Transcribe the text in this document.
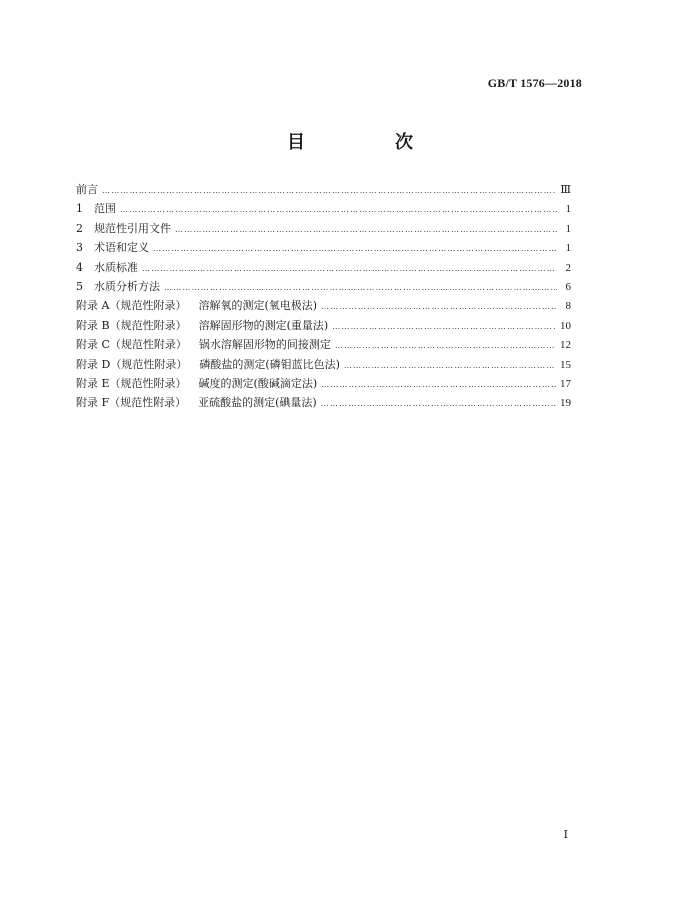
GB/T 1576—2018
目　次
前言 ……………………………………………………………………………………………………………………………………………………………………………………………………	Ⅲ
1	范围 ……………………………………………………………………………………………………………………………………………………………………………………………………	1
2	规范性引用文件 ……………………………………………………………………………………………………………………………………………………………………………………………………	1
3	术语和定义 ……………………………………………………………………………………………………………………………………………………………………………………………………	1
4	水质标准 ……………………………………………………………………………………………………………………………………………………………………………………………………	2
5	水质分析方法 ……………………………………………………………………………………………………………………………………………………………………………………………………	6
附录 A（规范性附录） 溶解氧的测定(氧电极法) ……………………………………………………………………………………………………………………………………………………………………………………………………	8
附录 B（规范性附录） 溶解固形物的测定(重量法) ……………………………………………………………………………………………………………………………………………………………………………………………………	10
附录 C（规范性附录） 锅水溶解固形物的间接测定 ……………………………………………………………………………………………………………………………………………………………………………………………………	12
附录 D（规范性附录） 磷酸盐的测定(磷钼蓝比色法) ……………………………………………………………………………………………………………………………………………………………………………………………………	15
附录 E（规范性附录） 碱度的测定(酸碱滴定法) ……………………………………………………………………………………………………………………………………………………………………………………………………	17
附录 F（规范性附录） 亚硫酸盐的测定(碘量法) ……………………………………………………………………………………………………………………………………………………………………………………………………	19
Ⅰ
